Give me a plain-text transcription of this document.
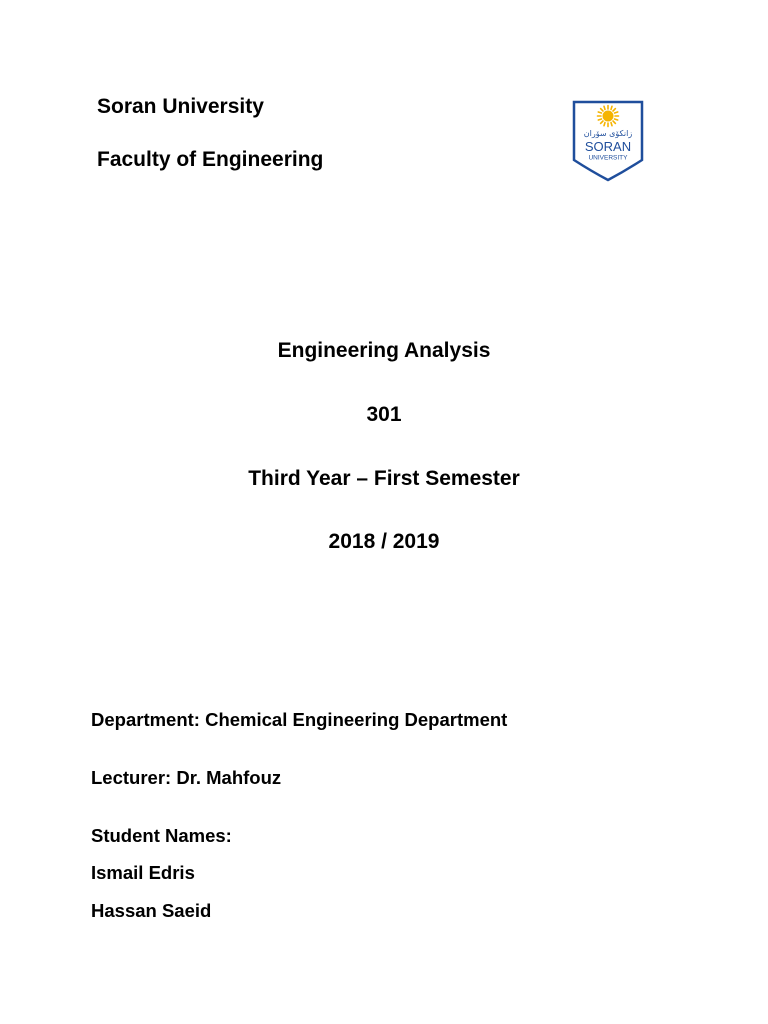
Soran University
Faculty of Engineering
زانکۆی سۆران
SORAN
UNIVERSITY
Engineering Analysis
301
Third Year – First Semester
2018 / 2019
Department: Chemical Engineering Department
Lecturer: Dr. Mahfouz
Student Names:
Ismail Edris
Hassan Saeid
